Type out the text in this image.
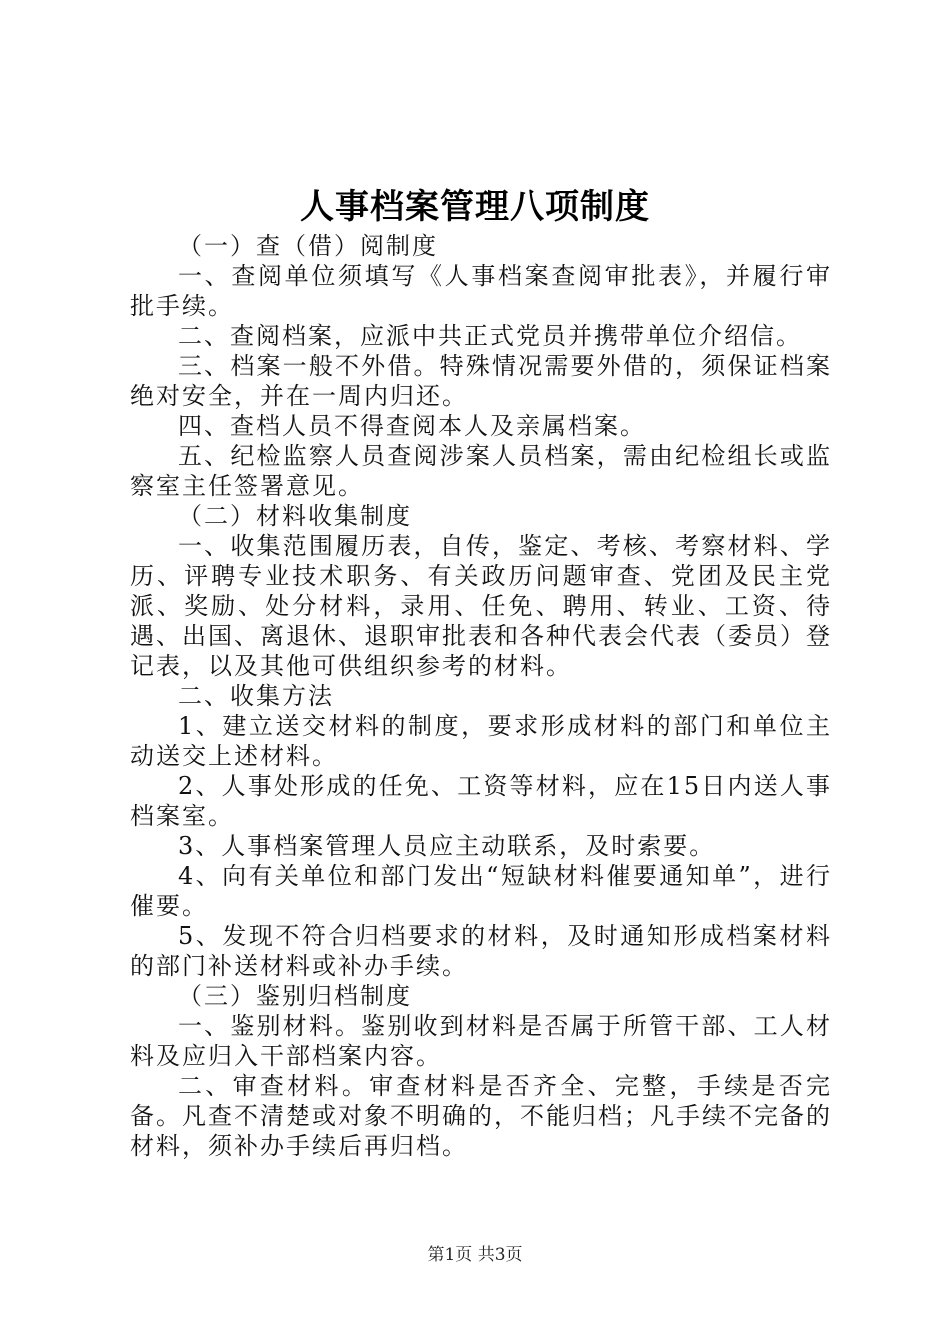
人事档案管理八项制度

（一）查（借）阅制度

一、查阅单位须填写《人事档案查阅审批表》，并履行审批手续。

二、查阅档案，应派中共正式党员并携带单位介绍信。

三、档案一般不外借。特殊情况需要外借的，须保证档案绝对安全，并在一周内归还。

四、查档人员不得查阅本人及亲属档案。

五、纪检监察人员查阅涉案人员档案，需由纪检组长或监察室主任签署意见。

（二）材料收集制度

一、收集范围履历表，自传，鉴定、考核、考察材料、学历、评聘专业技术职务、有关政历问题审查、党团及民主党派、奖励、处分材料，录用、任免、聘用、转业、工资、待遇、出国、离退休、退职审批表和各种代表会代表（委员）登记表，以及其他可供组织参考的材料。

二、收集方法

1、建立送交材料的制度，要求形成材料的部门和单位主动送交上述材料。

2、人事处形成的任免、工资等材料，应在15日内送人事档案室。

3、人事档案管理人员应主动联系，及时索要。

4、向有关单位和部门发出“短缺材料催要通知单”，进行催要。

5、发现不符合归档要求的材料，及时通知形成档案材料的部门补送材料或补办手续。

（三）鉴别归档制度

一、鉴别材料。鉴别收到材料是否属于所管干部、工人材料及应归入干部档案内容。

二、审查材料。审查材料是否齐全、完整，手续是否完备。凡查不清楚或对象不明确的，不能归档；凡手续不完备的材料，须补办手续后再归档。

第1页 共3页
